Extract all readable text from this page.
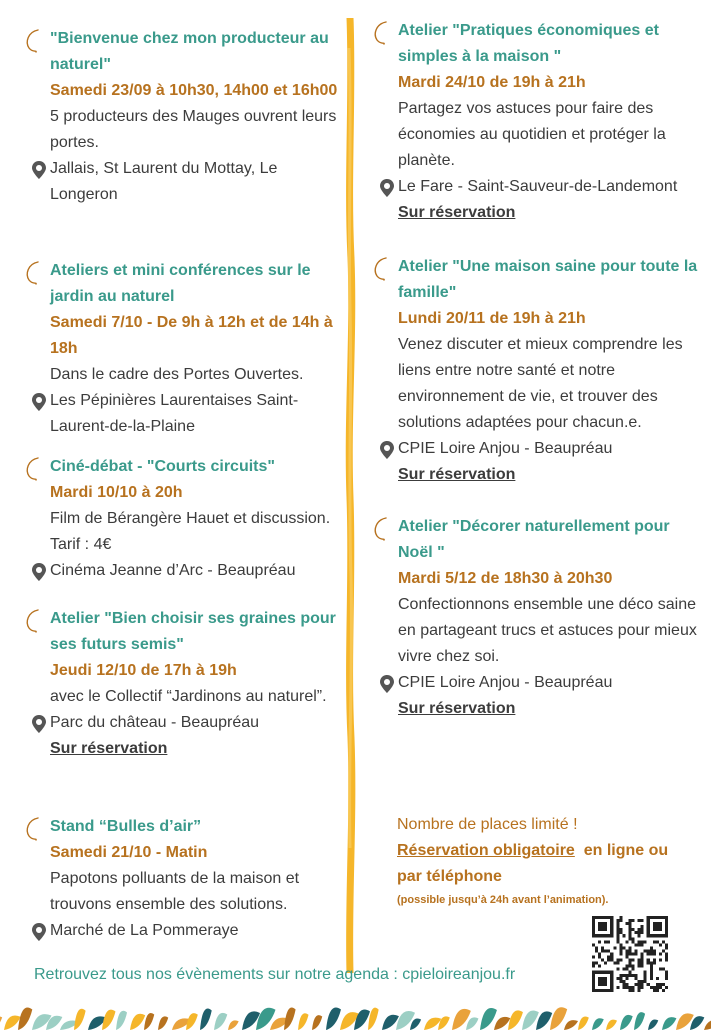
"Bienvenue chez mon producteur au naturel"
Samedi 23/09 à 10h30, 14h00 et 16h00
5 producteurs des Mauges ouvrent leurs portes.
Jallais, St Laurent du Mottay, Le Longeron
Ateliers et mini conférences sur le jardin au naturel
Samedi 7/10 - De 9h à 12h et de 14h à 18h
Dans le cadre des Portes Ouvertes.
Les Pépinières Laurentaises Saint-Laurent-de-la-Plaine
Ciné-débat - "Courts circuits"
Mardi 10/10 à 20h
Film de Bérangère Hauet et discussion. Tarif : 4€
Cinéma Jeanne d’Arc - Beaupréau
Atelier "Bien choisir ses graines pour ses futurs semis"
Jeudi 12/10 de 17h à 19h
avec le Collectif “Jardinons au naturel”.
Parc du château - Beaupréau
Sur réservation
Stand “Bulles d’air”
Samedi 21/10 - Matin
Papotons polluants de la maison et trouvons ensemble des solutions.
Marché de La Pommeraye
Atelier "Pratiques économiques et simples à la maison "
Mardi 24/10 de 19h à 21h
Partagez vos astuces pour faire des économies au quotidien et protéger la planète.
Le Fare - Saint-Sauveur-de-Landemont
Sur réservation
Atelier "Une maison saine pour toute la famille"
Lundi 20/11 de 19h à 21h
Venez discuter et mieux comprendre les liens entre notre santé et notre environnement de vie, et trouver des solutions adaptées pour chacun.e.
CPIE Loire Anjou - Beaupréau
Sur réservation
Atelier "Décorer naturellement pour Noël "
Mardi 5/12 de 18h30 à 20h30
Confectionnons ensemble une déco saine en partageant trucs et astuces pour mieux vivre chez soi.
CPIE Loire Anjou - Beaupréau
Sur réservation
Nombre de places limité !
Réservation obligatoire  en ligne ou par téléphone
(possible jusqu’à 24h avant l’animation).
Retrouvez tous nos évènements sur notre agenda : cpieloireanjou.fr
